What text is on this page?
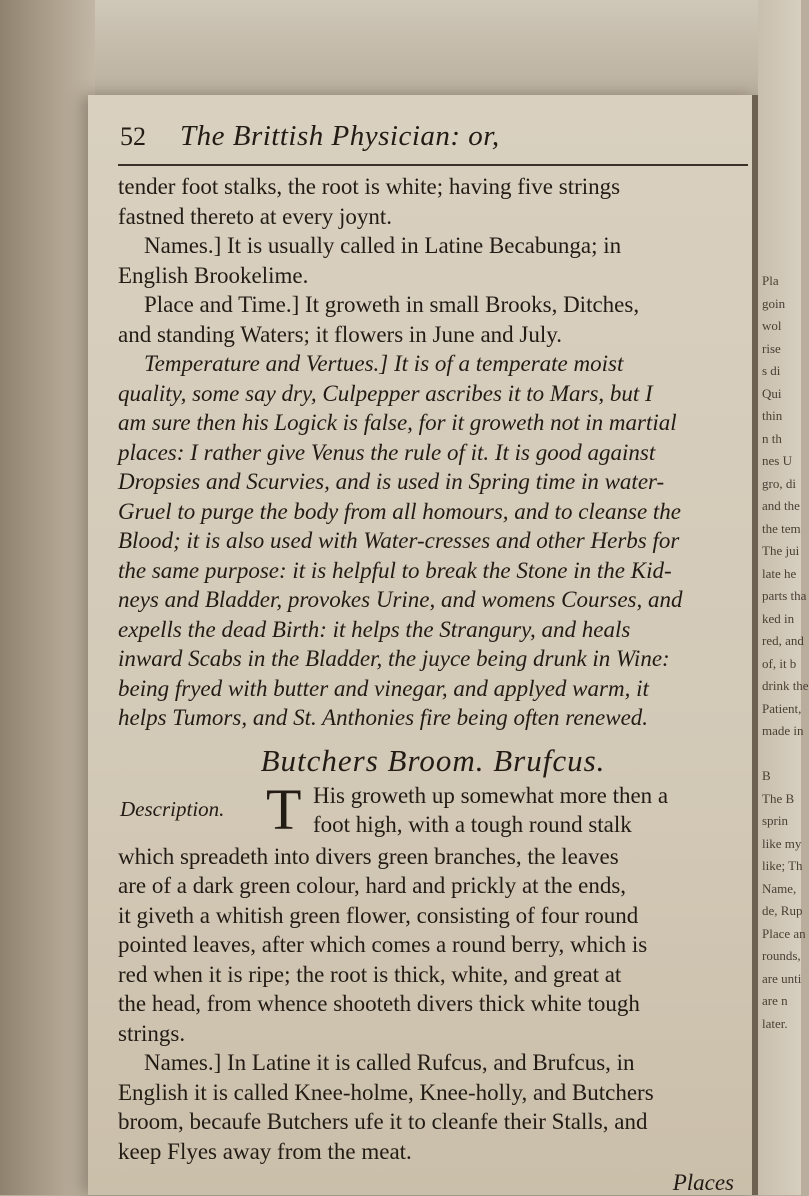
Pla
goin
wol
rise
s di
Qui
thin
n th
nes U
gro, di
and the
the tem
The jui
late he
parts tha
ked in
red, and
of, it b
drink the
Patient,
made in

B
The B
sprin
like my
like; Th
Name,
de, Rup
Place an
rounds,
are unti
are n
later.
52 The Brittish Physician: or,

tender foot stalks, the root is white; having five strings

fastned thereto at every joynt.

Names.] It is usually called in Latine Becabunga; in

English Brookelime.

Place and Time.] It groweth in small Brooks, Ditches,

and standing Waters; it flowers in June and July.

Temperature and Vertues.] It is of a temperate moist

quality, some say dry, Culpepper ascribes it to Mars, but I

am sure then his Logick is false, for it groweth not in martial

places: I rather give Venus the rule of it. It is good against

Dropsies and Scurvies, and is used in Spring time in water-

Gruel to purge the body from all homours, and to cleanse the

Blood; it is also used with Water-cresses and other Herbs for

the same purpose: it is helpful to break the Stone in the Kid-

neys and Bladder, provokes Urine, and womens Courses, and

expells the dead Birth: it helps the Strangury, and heals

inward Scabs in the Bladder, the juyce being drunk in Wine:

being fryed with butter and vinegar, and applyed warm, it

helps Tumors, and St. Anthonies fire being often renewed.

Butchers Broom. Brufcus.
Description. T His groweth up somewhat more then a
foot high, with a tough round stalk

which spreadeth into divers green branches, the leaves

are of a dark green colour, hard and prickly at the ends,

it giveth a whitish green flower, consisting of four round

pointed leaves, after which comes a round berry, which is

red when it is ripe; the root is thick, white, and great at

the head, from whence shooteth divers thick white tough

strings.

Names.] In Latine it is called Rufcus, and Brufcus, in

English it is called Knee-holme, Knee-holly, and Butchers

broom, becaufe Butchers ufe it to cleanfe their Stalls, and

keep Flyes away from the meat.

Places
